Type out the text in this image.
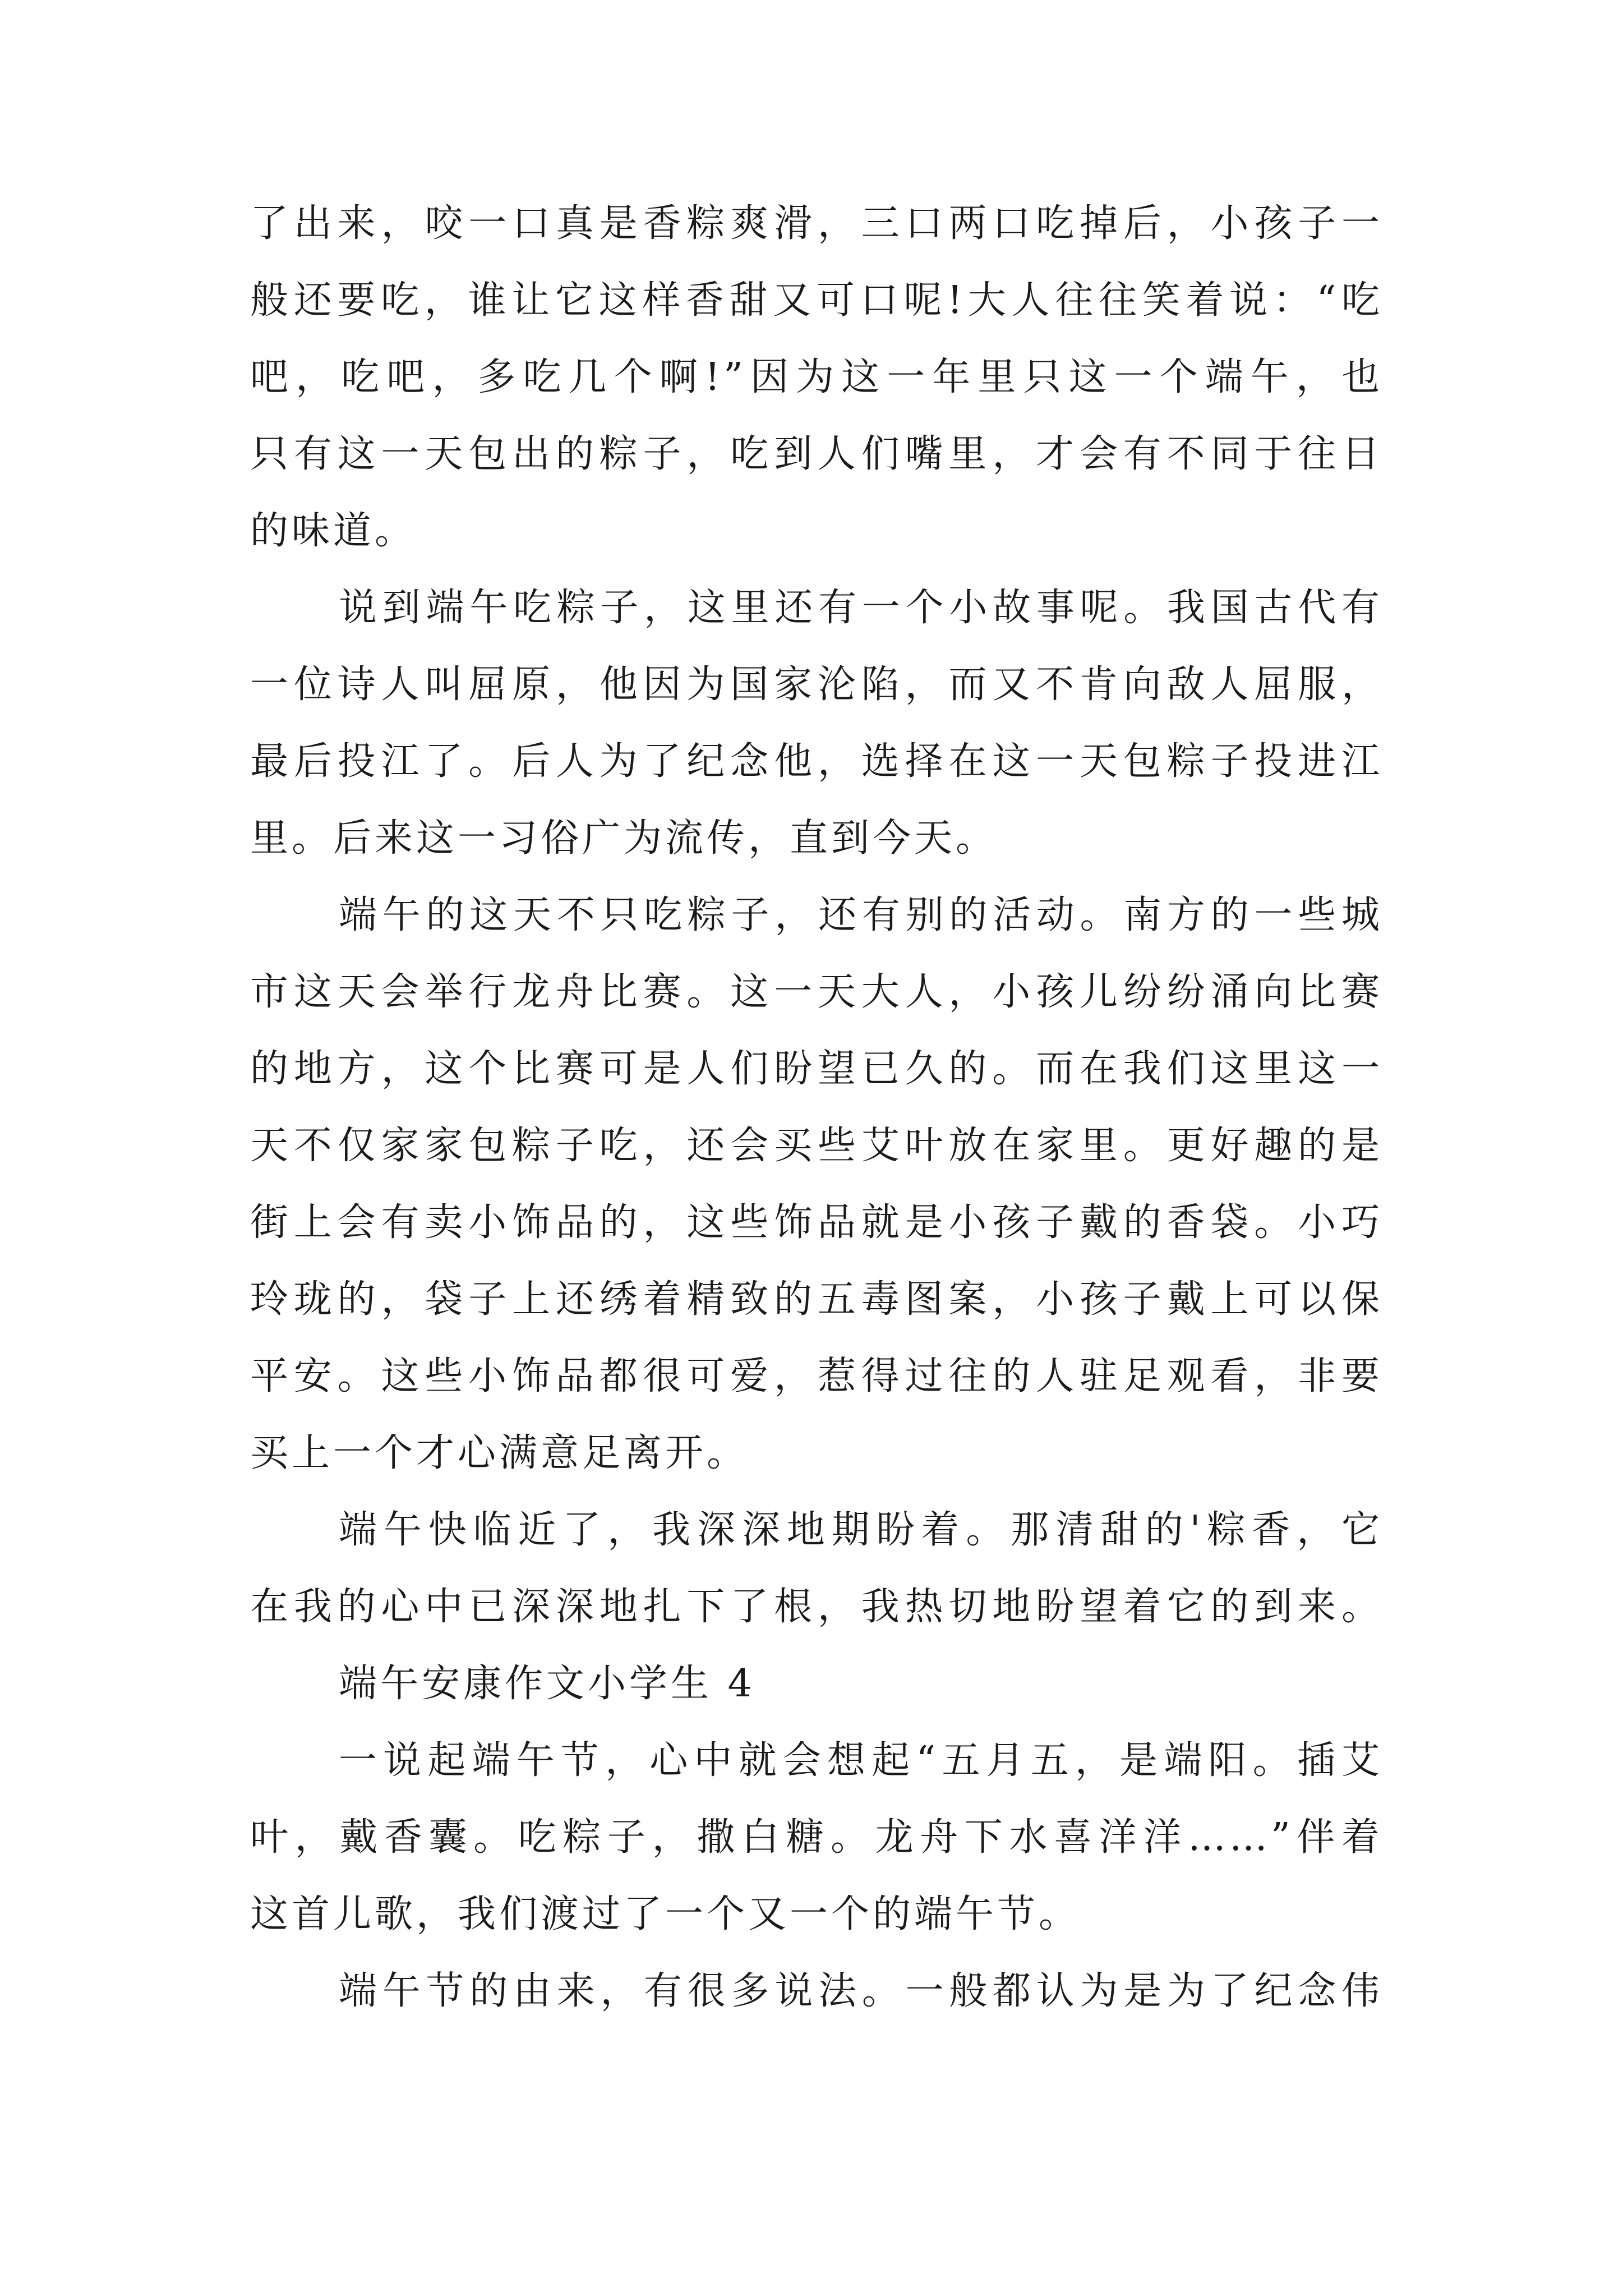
了出来，咬一口真是香粽爽滑，三口两口吃掉后，小孩子一
般还要吃，谁让它这样香甜又可口呢!大人往往笑着说：“吃
吧，吃吧，多吃几个啊!”因为这一年里只这一个端午，也
只有这一天包出的粽子，吃到人们嘴里，才会有不同于往日
的味道。
说到端午吃粽子，这里还有一个小故事呢。我国古代有
一位诗人叫屈原，他因为国家沦陷，而又不肯向敌人屈服，
最后投江了。后人为了纪念他，选择在这一天包粽子投进江
里。后来这一习俗广为流传，直到今天。
端午的这天不只吃粽子，还有别的活动。南方的一些城
市这天会举行龙舟比赛。这一天大人，小孩儿纷纷涌向比赛
的地方，这个比赛可是人们盼望已久的。而在我们这里这一
天不仅家家包粽子吃，还会买些艾叶放在家里。更好趣的是
街上会有卖小饰品的，这些饰品就是小孩子戴的香袋。小巧
玲珑的，袋子上还绣着精致的五毒图案，小孩子戴上可以保
平安。这些小饰品都很可爱，惹得过往的人驻足观看，非要
买上一个才心满意足离开。
端午快临近了，我深深地期盼着。那清甜的'粽香，它
在我的心中已深深地扎下了根，我热切地盼望着它的到来。
端午安康作文小学生 4
一说起端午节，心中就会想起“五月五，是端阳。插艾
叶，戴香囊。吃粽子，撒白糖。龙舟下水喜洋洋……”伴着
这首儿歌，我们渡过了一个又一个的端午节。
端午节的由来，有很多说法。一般都认为是为了纪念伟
